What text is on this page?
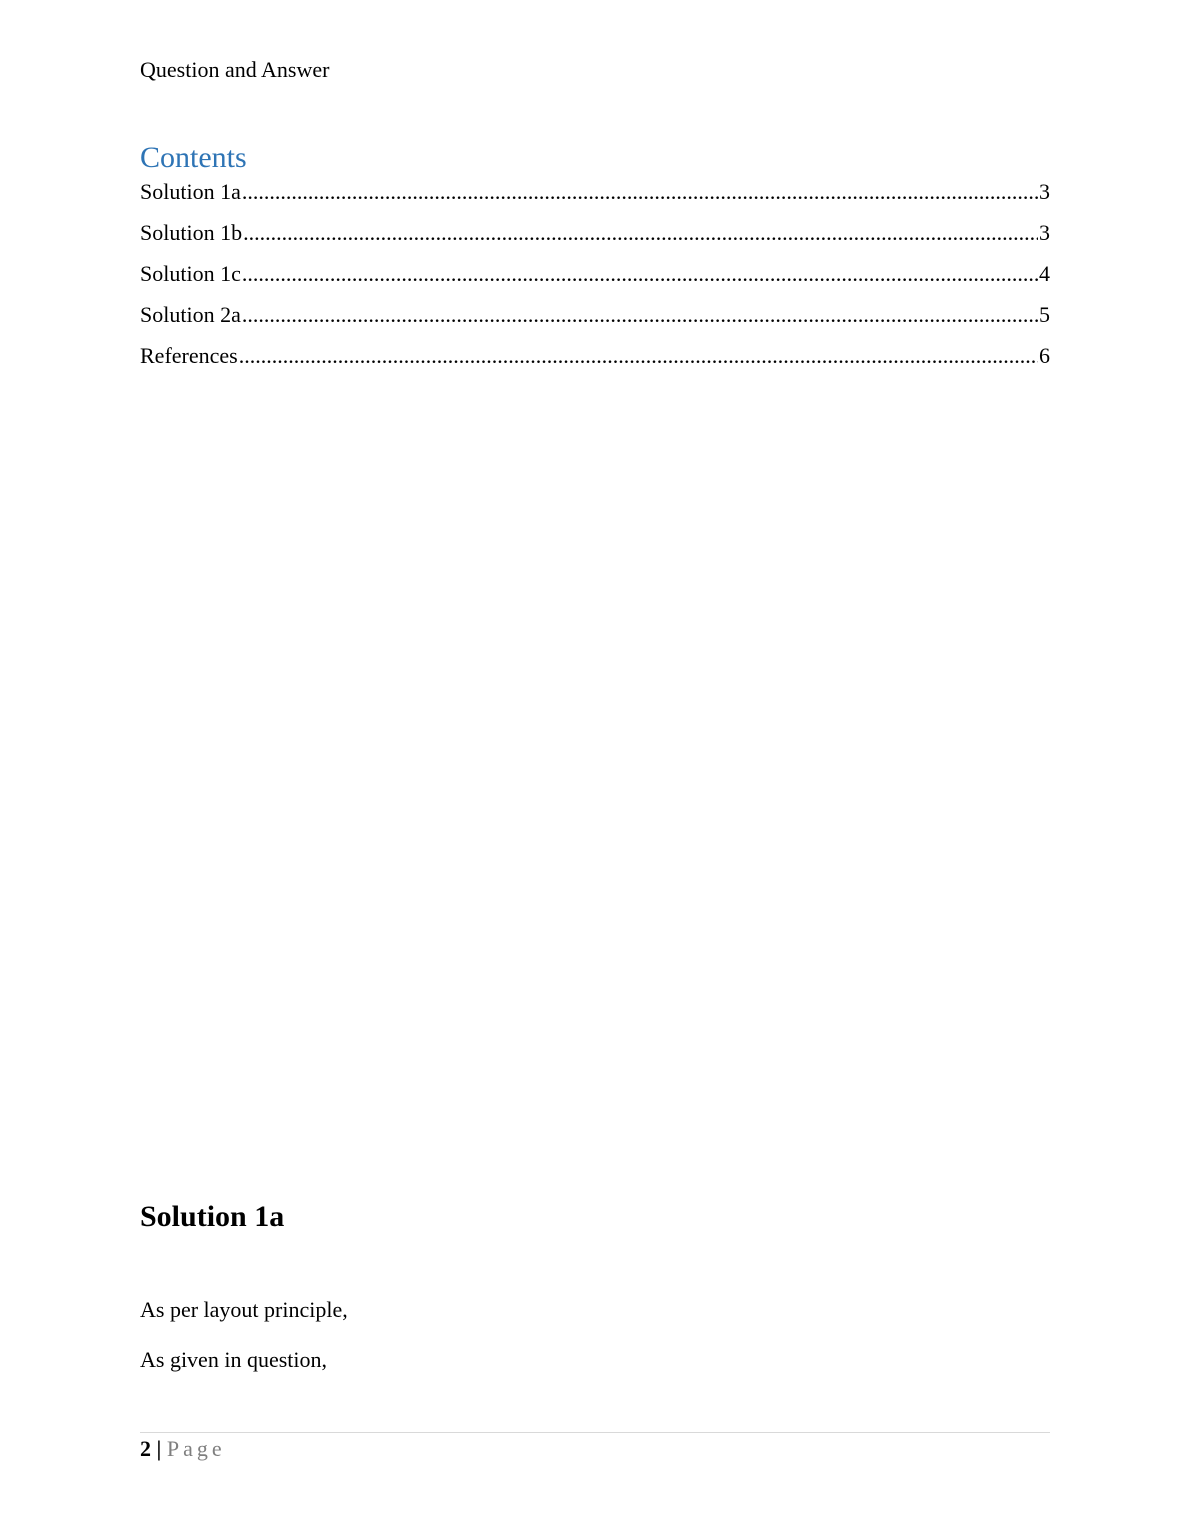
Question and Answer
Contents
Solution 1a .....	3
Solution 1b .....	3
Solution 1c .....	4
Solution 2a .....	5
References .....	6
Solution 1a

As per layout principle,

As given in question,

2 | Page
